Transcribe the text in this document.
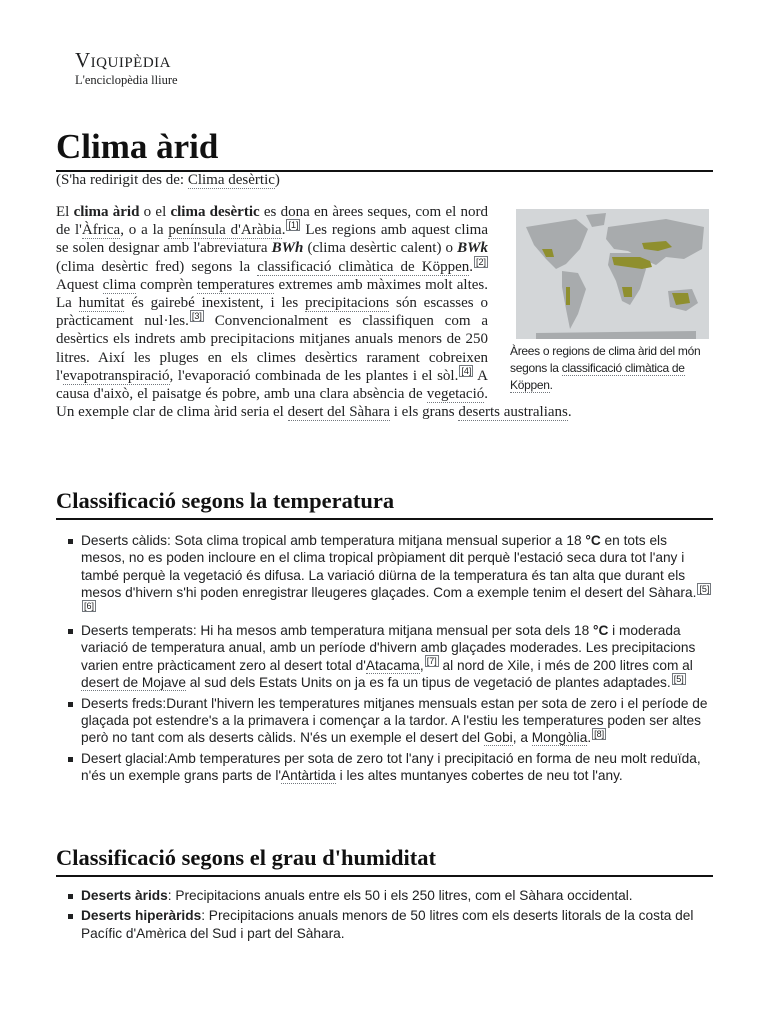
Viquipèdia
L'enciclopèdia lliure
Clima àrid
(S'ha redirigit des de: Clima desèrtic)

Àrees o regions de clima àrid del món segons la classificació climàtica de Köppen.
El clima àrid o el clima desèrtic es dona en àrees seques, com el nord de l'Àfrica, o a la península d'Aràbia. [1] Les regions amb aquest clima se solen designar amb l'abreviatura BWh (clima desèrtic calent) o BWk (clima desèrtic fred) segons la classificació climàtica de Köppen. [2] Aquest clima comprèn temperatures extremes amb màximes molt altes. La humitat és gairebé inexistent, i les precipitacions són escasses o pràcticament nul·les. [3] Convencionalment es classifiquen com a desèrtics els indrets amb precipitacions mitjanes anuals menors de 250 litres. Així les pluges en els climes desèrtics rarament cobreixen l'evapotranspiració, l'evaporació combinada de les plantes i el sòl. [4] A causa d'això, el paisatge és pobre, amb una clara absència de vegetació. Un exemple clar de clima àrid seria el desert del Sàhara i els grans deserts australians.

Classificació segons la temperatura
Deserts càlids: Sota clima tropical amb temperatura mitjana mensual superior a 18 °C en tots els mesos, no es poden incloure en el clima tropical pròpiament dit perquè l'estació seca dura tot l'any i també perquè la vegetació és difusa. La variació diürna de la temperatura és tan alta que durant els mesos d'hivern s'hi poden enregistrar lleugeres glaçades. Com a exemple tenim el desert del Sàhara. [5][6]
Deserts temperats: Hi ha mesos amb temperatura mitjana mensual per sota dels 18 °C i moderada variació de temperatura anual, amb un període d'hivern amb glaçades moderades. Les precipitacions varien entre pràcticament zero al desert total d'Atacama, [7] al nord de Xile, i més de 200 litres com al desert de Mojave al sud dels Estats Units on ja es fa un tipus de vegetació de plantes adaptades. [5]
Deserts freds:Durant l'hivern les temperatures mitjanes mensuals estan per sota de zero i el període de glaçada pot estendre's a la primavera i començar a la tardor. A l'estiu les temperatures poden ser altes però no tant com als deserts càlids. N'és un exemple el desert del Gobi, a Mongòlia. [8]
Desert glacial:Amb temperatures per sota de zero tot l'any i precipitació en forma de neu molt reduïda, n'és un exemple grans parts de l'Antàrtida i les altes muntanyes cobertes de neu tot l'any.
Classificació segons el grau d'humiditat
Deserts àrids: Precipitacions anuals entre els 50 i els 250 litres, com el Sàhara occidental.
Deserts hiperàrids: Precipitacions anuals menors de 50 litres com els deserts litorals de la costa del Pacífic d'Amèrica del Sud i part del Sàhara.
